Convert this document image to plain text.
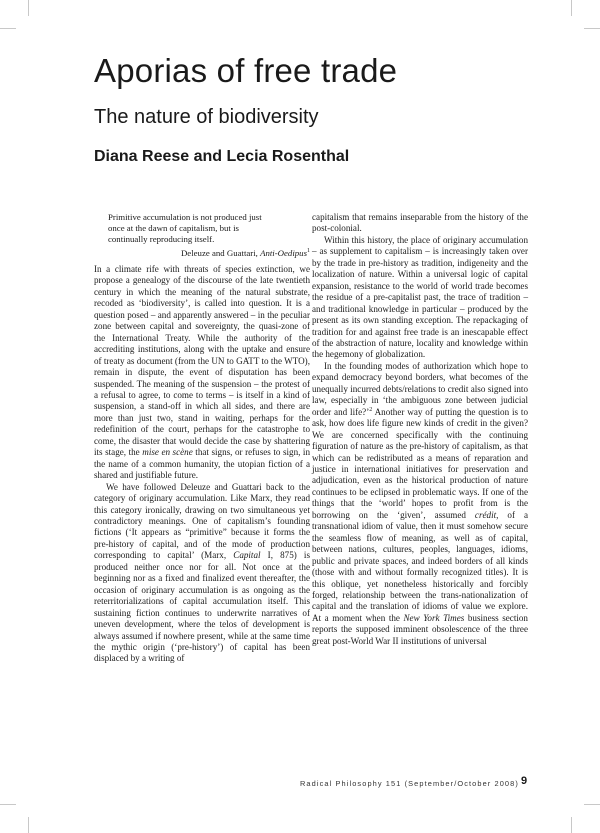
Aporias of free trade
The nature of biodiversity
Diana Reese and Lecia Rosenthal

Primitive accumulation is not produced just once at the dawn of capitalism, but is continually reproducing itself.

Deleuze and Guattari, Anti-Oedipus$^1$

In a climate rife with threats of species extinction, we propose a genealogy of the discourse of the late twentieth century in which the meaning of the natural substrate, recoded as ‘biodiversity’, is called into question. It is a question posed – and apparently answered – in the peculiar zone between capital and sovereignty, the quasi-zone of the International Treaty. While the authority of the accrediting institutions, along with the uptake and ensure of treaty as document (from the UN to GATT to the WTO), remain in dispute, the event of disputation has been suspended. The meaning of the suspension – the protest of a refusal to agree, to come to terms – is itself in a kind of suspension, a stand-off in which all sides, and there are more than just two, stand in waiting, perhaps for the redefinition of the court, perhaps for the catastrophe to come, the disaster that would decide the case by shattering its stage, the mise en scène that signs, or refuses to sign, in the name of a common humanity, the utopian fiction of a shared and justifiable future.

We have followed Deleuze and Guattari back to the category of originary accumulation. Like Marx, they read this category ironically, drawing on two simultaneous yet contradictory meanings. One of capitalism’s founding fictions (‘It appears as “primitive” because it forms the pre-history of capital, and of the mode of production corresponding to capital’ (Marx, Capital I, 875) is produced neither once nor for all. Not once at the beginning nor as a fixed and finalized event thereafter, the occasion of originary accumulation is as ongoing as the reterritorializations of capital accumulation itself. This sustaining fiction continues to underwrite narratives of uneven development, where the telos of development is always assumed if nowhere present, while at the same time the mythic origin (‘pre-history’) of capital has been displaced by a writing of

capitalism that remains inseparable from the history of the post-colonial.

Within this history, the place of originary accumulation – as supplement to capitalism – is increasingly taken over by the trade in pre-history as tradition, indigeneity and the localization of nature. Within a universal logic of capital expansion, resistance to the world of world trade becomes the residue of a pre-capitalist past, the trace of tradition – and traditional knowledge in particular – produced by the present as its own standing exception. The repackaging of tradition for and against free trade is an inescapable effect of the abstraction of nature, locality and knowledge within the hegemony of globalization.

In the founding modes of authorization which hope to expand democracy beyond borders, what becomes of the unequally incurred debts/relations to credit also signed into law, especially in ‘the ambiguous zone between judicial order and life?’$^2$ Another way of putting the question is to ask, how does life figure new kinds of credit in the given? We are concerned specifically with the continuing figuration of nature as the pre-history of capitalism, as that which can be redistributed as a means of reparation and justice in international initiatives for preservation and adjudication, even as the historical production of nature continues to be eclipsed in problematic ways. If one of the things that the ‘world’ hopes to profit from is the borrowing on the ‘given’, assumed crédit, of a transnational idiom of value, then it must somehow secure the seamless flow of meaning, as well as of capital, between nations, cultures, peoples, languages, idioms, public and private spaces, and indeed borders of all kinds (those with and without formally recognized titles). It is this oblique, yet nonetheless historically and forcibly forged, relationship between the trans-nationalization of capital and the translation of idioms of value we explore. At a moment when the New York Times business section reports the supposed imminent obsolescence of the three great post-World War II institutions of universal

Radical Philosophy 151 (September/October 2008) 9
